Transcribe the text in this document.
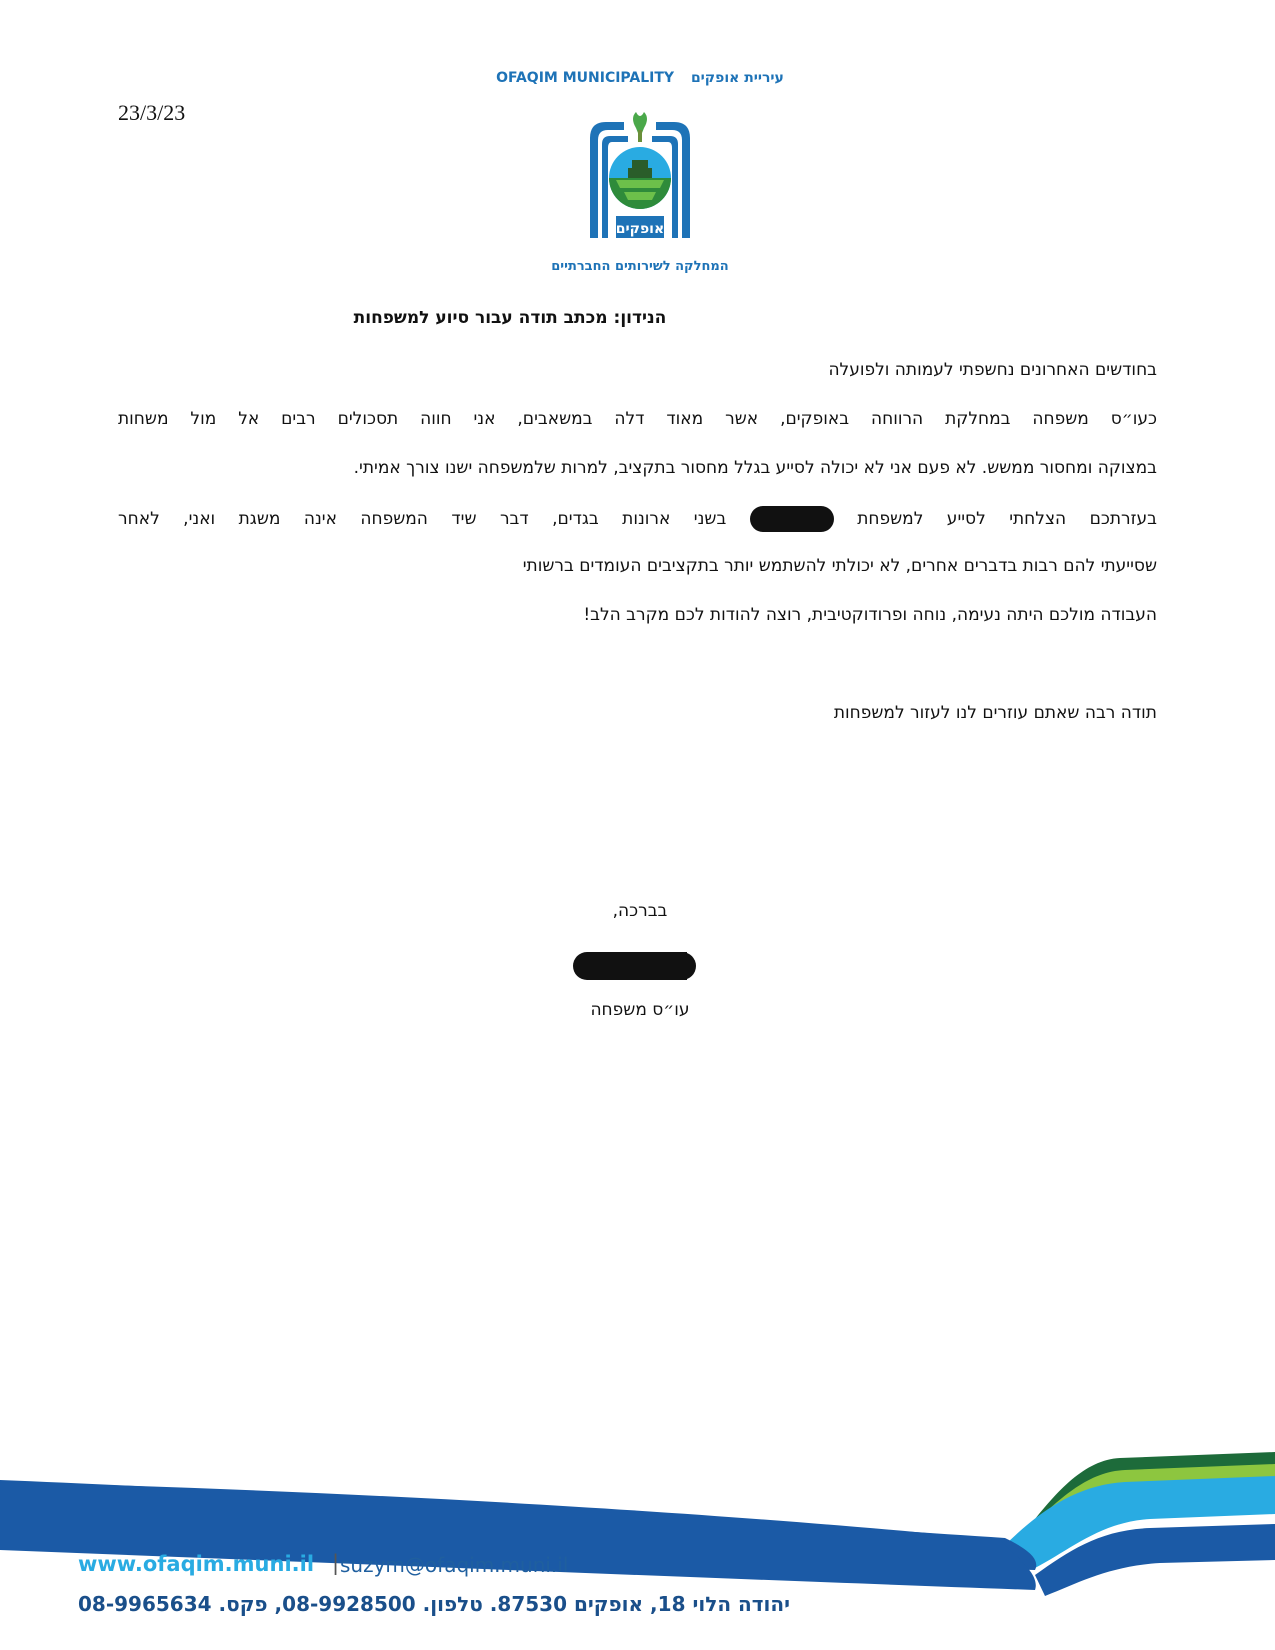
23/3/23
OFAQIM MUNICIPALITY עיריית אופקים
אופקים
המחלקה לשירותים החברתיים
הנידון: מכתב תודה עבור סיוע למשפחות
בחודשים האחרונים נחשפתי לעמותה ולפועלה
כעו״ס משפחה במחלקת הרווחה באופקים, אשר מאוד דלה במשאבים, אני חווה תסכולים רבים אל מול משחות
במצוקה ומחסור ממשש. לא פעם אני לא יכולה לסייע בגלל מחסור בתקציב, למרות שלמשפחה ישנו צורך אמיתי.
בעזרתכם הצלחתי לסייע למשפחת  בשני ארונות בגדים, דבר שיד המשפחה אינה משגת ואני, לאחר
שסייעתי להם רבות בדברים אחרים, לא יכולתי להשתמש יותר בתקציבים העומדים ברשותי
העבודה מולכם היתה נעימה, נוחה ופרודוקטיבית, רוצה להודות לכם מקרב הלב!
תודה רבה שאתם עוזרים לנו לעזור למשפחות
בברכה,
עו״ס משפחה
www.ofaqim.muni.il | suzym@ofaqim.muni.il
יהודה הלוי 18, אופקים 87530. טלפון. 08-9928500, פקס. 08-9965634
